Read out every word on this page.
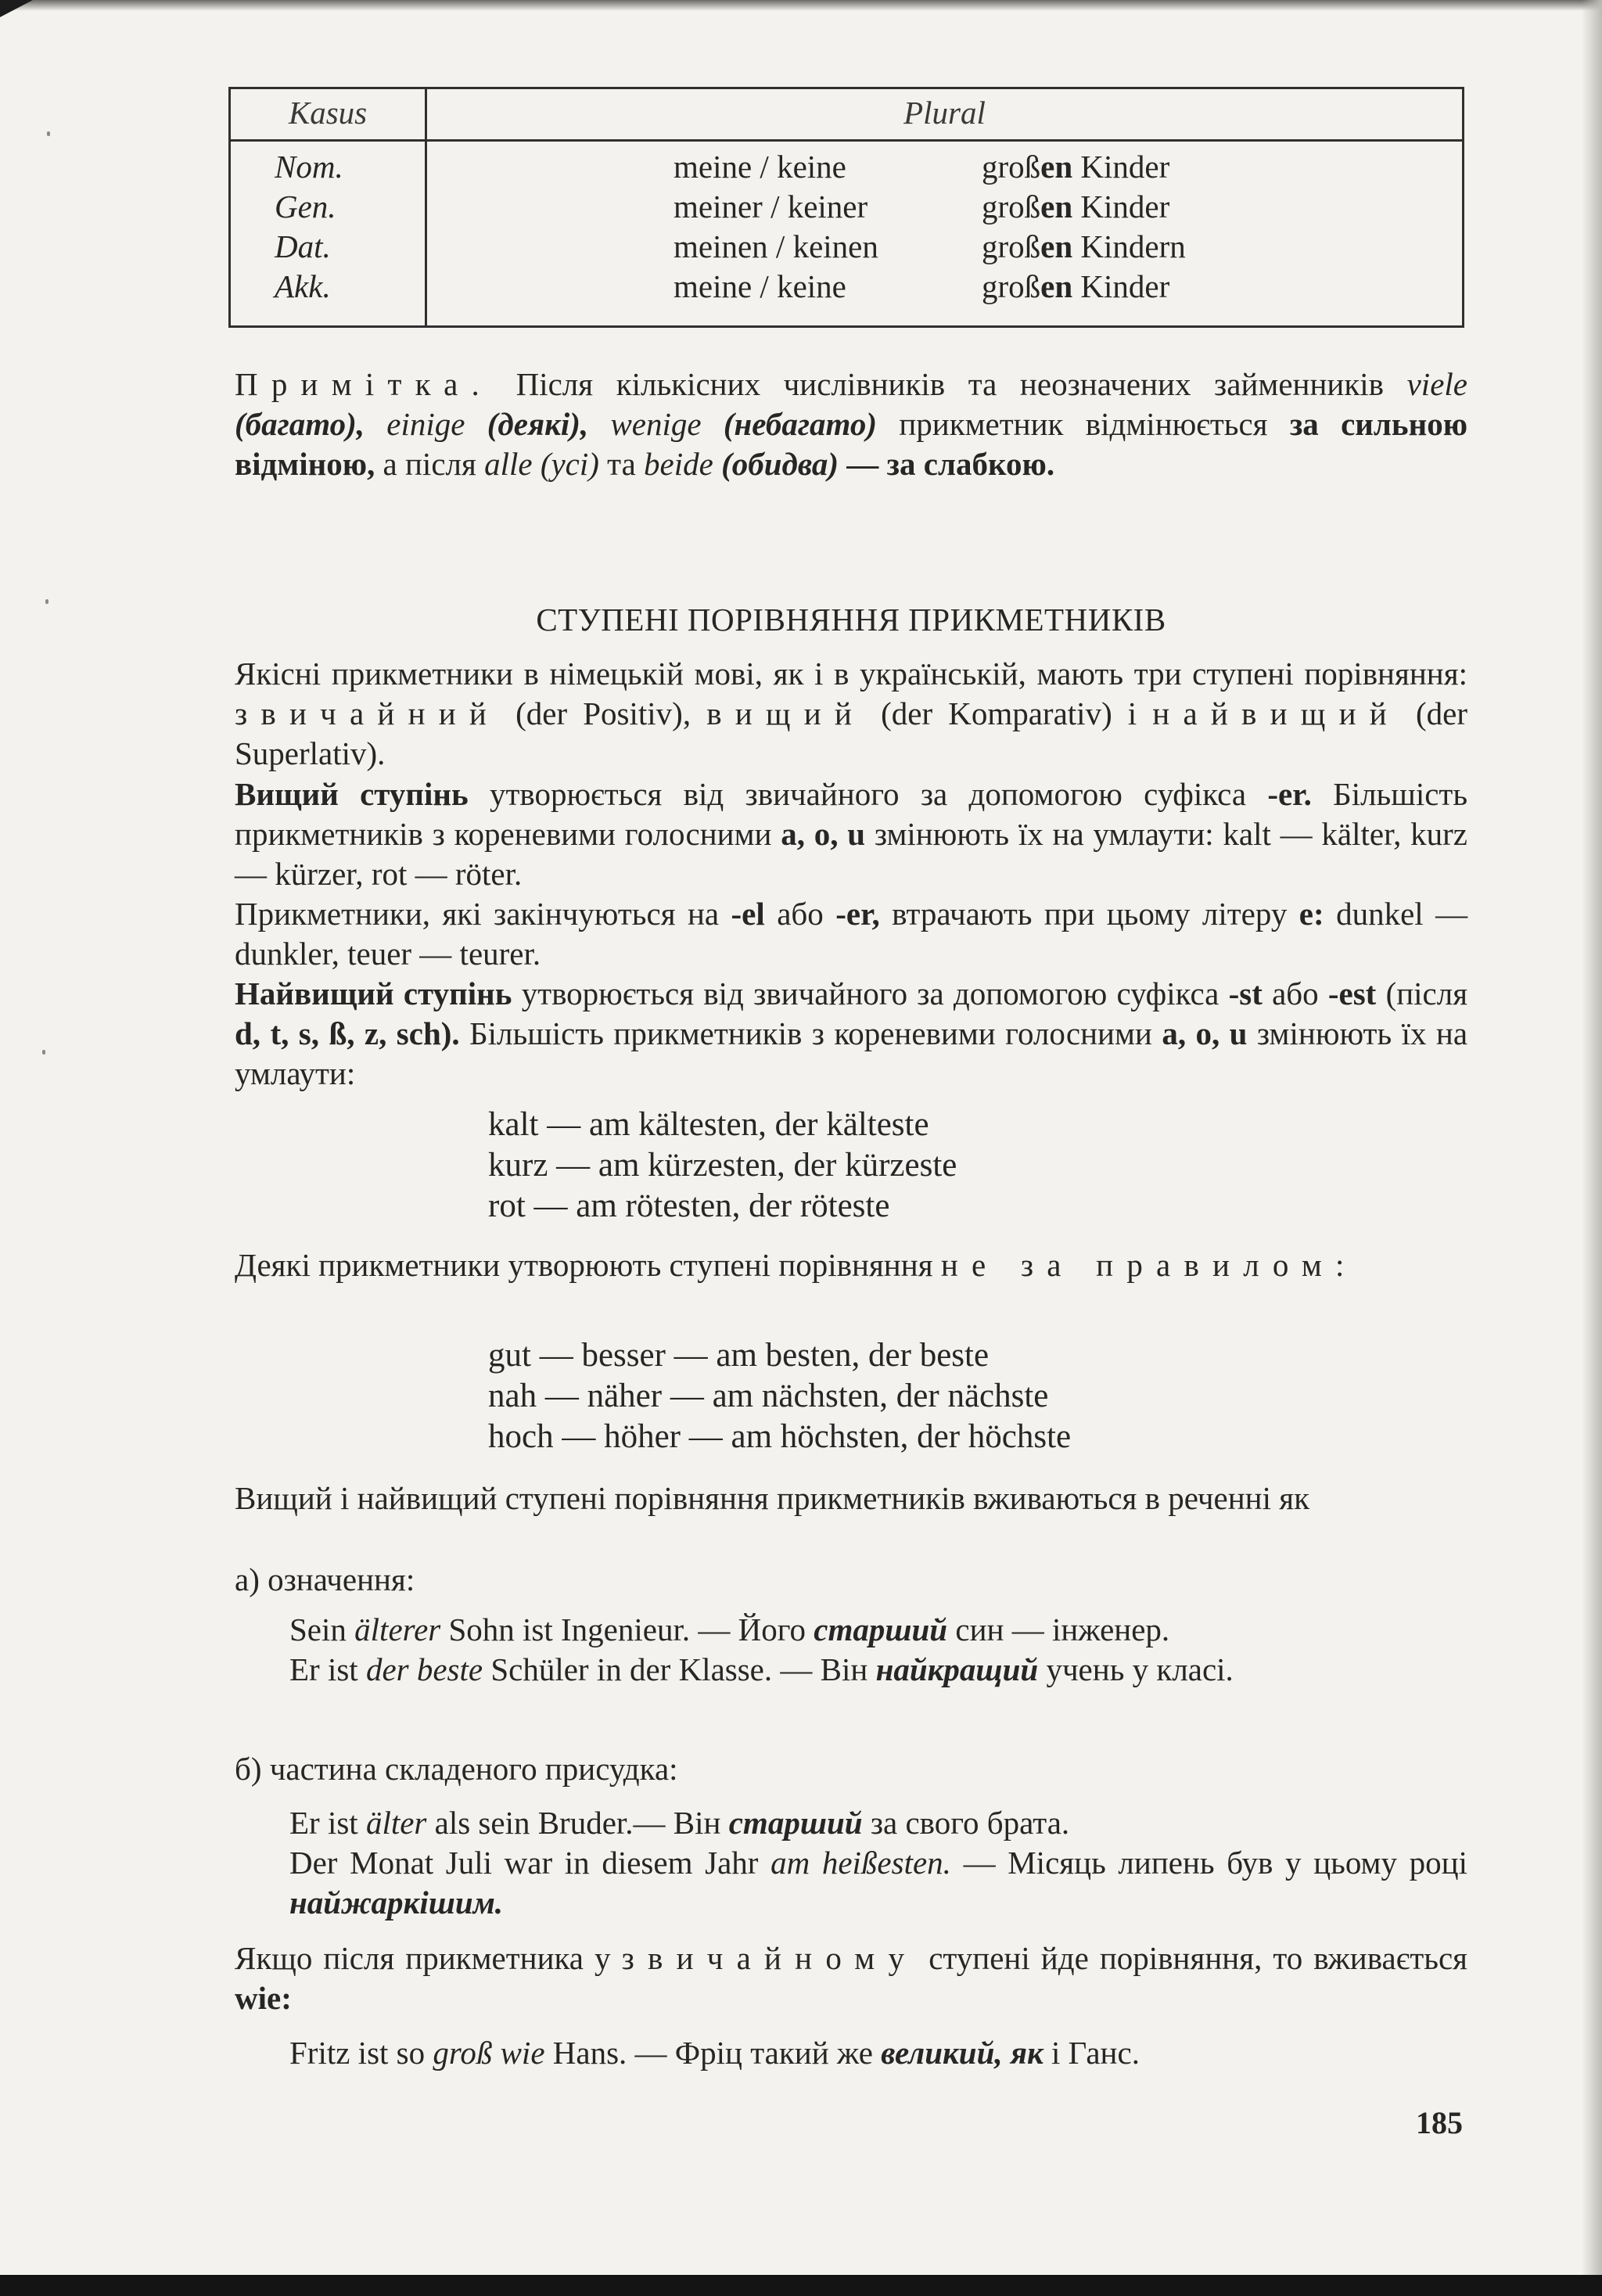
Kasus	Plural
Nom.	meine / keine	großen Kinder
Gen.	meiner / keiner	großen Kinder
Dat.	meinen / keinen	großen Kindern
Akk.	meine / keine	großen Kinder
Примітка. Після кількісних числівників та неозначених займенників viele (багато), einige (деякі), wenige (небагато) прикметник відмінюється за сильною відміною, а після alle (усі) та beide (обидва) — за слабкою.
СТУПЕНІ ПОРІВНЯННЯ ПРИКМЕТНИКІВ
Якісні прикметники в німецькій мові, як і в українській, мають три ступені порівняння: звичайний (der Positiv), вищий (der Komparativ) і найвищий (der Superlativ).
Вищий ступінь утворюється від звичайного за допомогою суфікса -er. Більшість прикметників з кореневими голосними a, o, u змінюють їх на умлаути: kalt — kälter, kurz — kürzer, rot — röter.
Прикметники, які закінчуються на -el або -er, втрачають при цьому літеру e: dunkel — dunkler, teuer — teurer.
Найвищий ступінь утворюється від звичайного за допомогою суфікса -st або -est (після d, t, s, ß, z, sch). Більшість прикметників з кореневими голосними a, o, u змінюють їх на умлаути:
kalt — am kältesten, der kälteste
kurz — am kürzesten, der kürzeste
rot — am rötesten, der röteste
Деякі прикметники утворюють ступені порівняння не за правилом:
gut — besser — am besten, der beste
nah — näher — am nächsten, der nächste
hoch — höher — am höchsten, der höchste
Вищий і найвищий ступені порівняння прикметників вживаються в реченні як
а) означення:
Sein älterer Sohn ist Ingenieur. — Його старший син — інженер.
Er ist der beste Schüler in der Klasse. — Він найкращий учень у класі.
б) частина складеного присудка:
Er ist älter als sein Bruder.— Він старший за свого брата.
Der Monat Juli war in diesem Jahr am heißesten. — Місяць липень був у цьому році найжаркішим.
Якщо після прикметника у звичайному ступені йде порівняння, то вживається wie:
Fritz ist so groß wie Hans. — Фріц такий же великий, як і Ганс.
185
